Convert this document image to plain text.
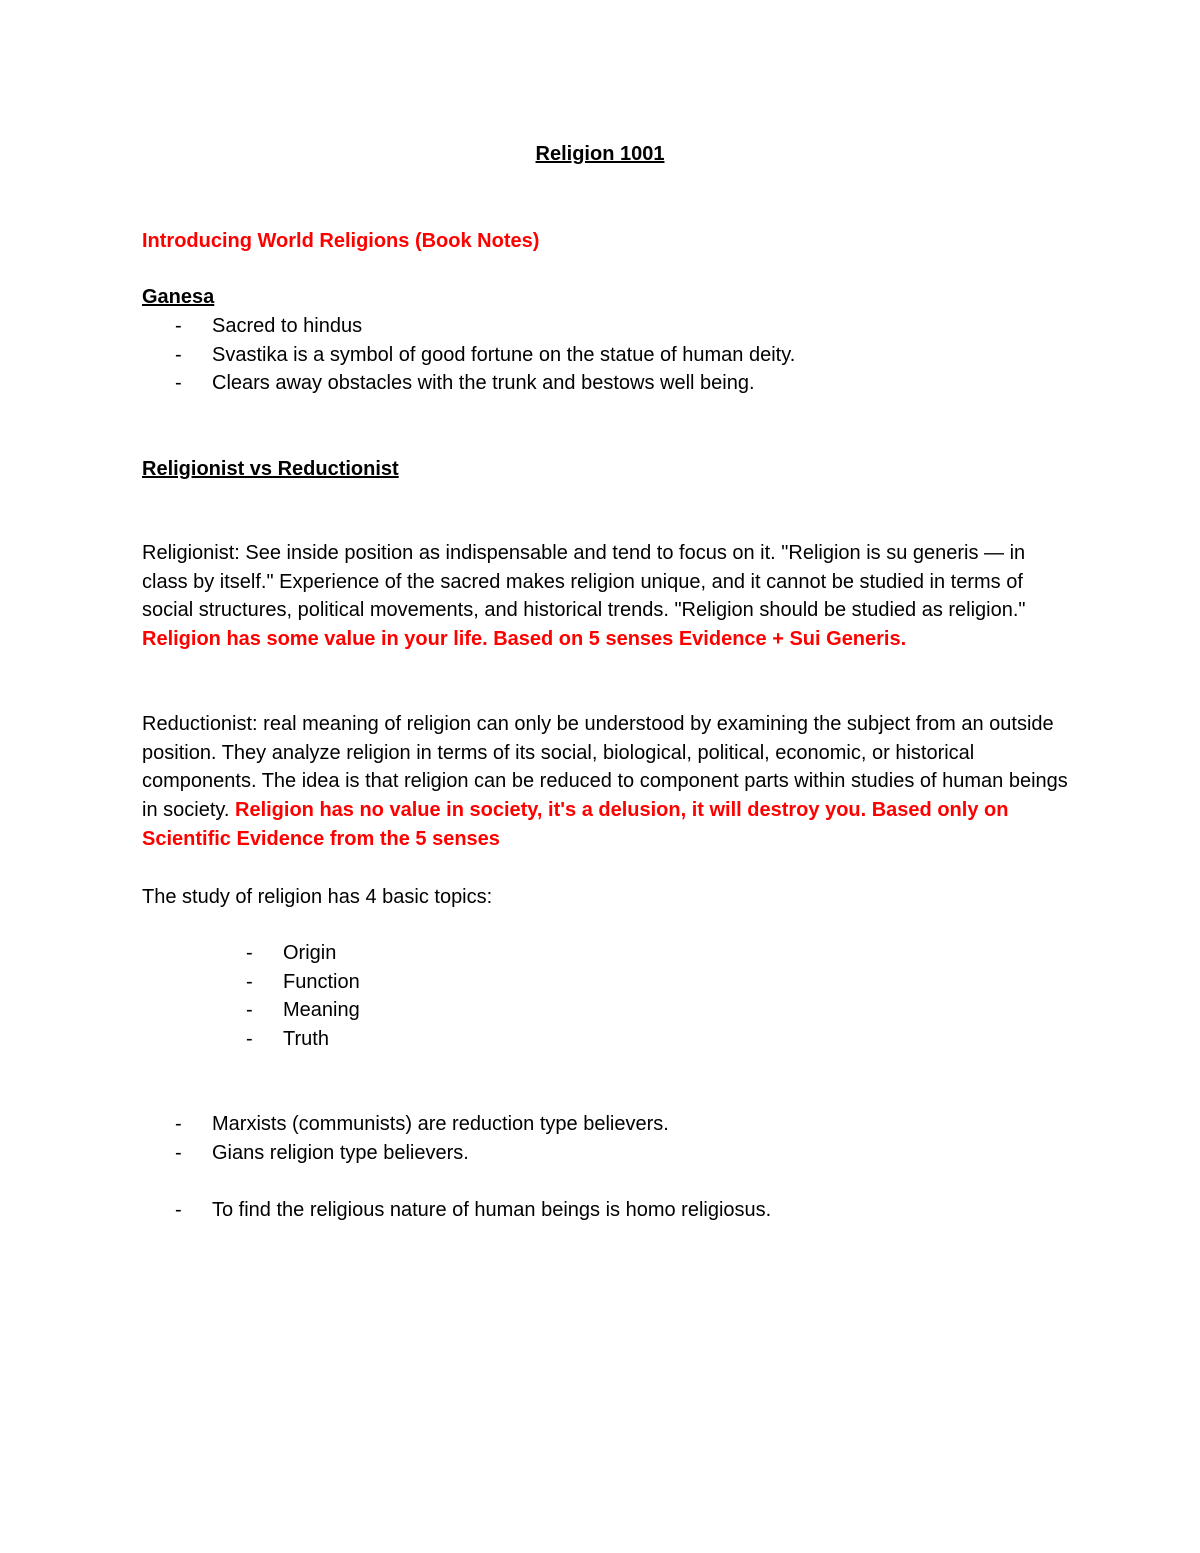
Religion 1001
Introducing World Religions (Book Notes)
Ganesa
- Sacred to hindus
- Svastika is a symbol of good fortune on the statue of human deity.
- Clears away obstacles with the trunk and bestows well being.
Religionist vs Reductionist

Religionist: See inside position as indispensable and tend to focus on it. "Religion is su generis — in class by itself." Experience of the sacred makes religion unique, and it cannot be studied in terms of social structures, political movements, and historical trends. "Religion should be studied as religion." Religion has some value in your life. Based on 5 senses Evidence + Sui Generis.

Reductionist: real meaning of religion can only be understood by examining the subject from an outside position. They analyze religion in terms of its social, biological, political, economic, or historical components. The idea is that religion can be reduced to component parts within studies of human beings in society. Religion has no value in society, it's a delusion, it will destroy you. Based only on Scientific Evidence from the 5 senses

The study of religion has 4 basic topics:
- Origin
- Function
- Meaning
- Truth
- Marxists (communists) are reduction type believers.
- Gians religion type believers.
- To find the religious nature of human beings is homo religiosus.
